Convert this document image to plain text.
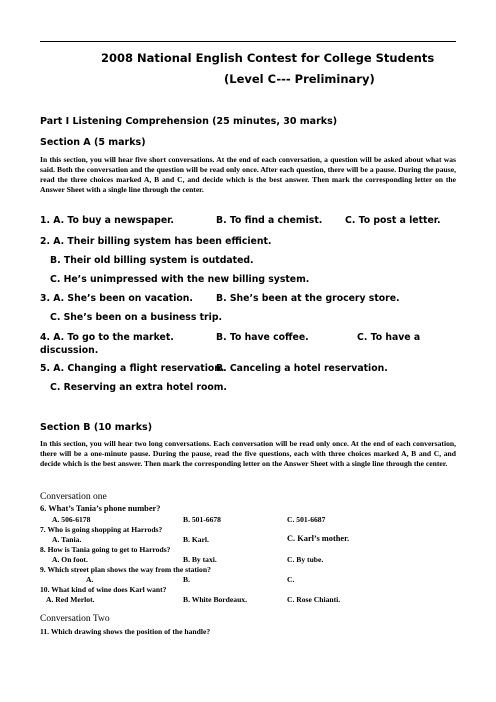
2008 National English Contest for College Students
(Level C--- Preliminary)
Part I Listening Comprehension (25 minutes, 30 marks)
Section A (5 marks)
In this section, you will hear five short conversations. At the end of each conversation, a question will be asked about what was said. Both the conversation and the question will be read only once. After each question, there will be a pause. During the pause, read the three choices marked A, B and C, and decide which is the best answer. Then mark the corresponding letter on the Answer Sheet with a single line through the center.
1. A. To buy a newspaper.	B. To find a chemist. C. To post a letter.
2. A. Their billing system has been efficient.
B. Their old billing system is outdated.
C. He’s unimpressed with the new billing system.
3. A. She’s been on vacation. B. She’s been at the grocery store.
C. She’s been on a business trip.
4. A. To go to the market.	B. To have coffee.	C. To have a
discussion.
5. A. Changing a flight reservation.
B. Canceling a hotel reservation.
C. Reserving an extra hotel room.
Section B (10 marks)
In this section, you will hear two long conversations. Each conversation will be read only once. At the end of each conversation, there will be a one-minute pause. During the pause, read the five questions, each with three choices marked A, B and C, and decide which is the best answer. Then mark the corresponding letter on the Answer Sheet with a single line through the center.
Conversation one
6. What’s Tania’s phone number?
A. 506-6178	B. 501-6678	C. 501-6687
7. Who is going shopping at Harrods?
A. Tania.	B. Karl.	C. Karl’s mother.
8. How is Tania going to get to Harrods?
A. On foot.	B. By taxi.	C. By tube.
9. Which street plan shows the way from the station?
A.	B.	C.
10. What kind of wine does Karl want?
A. Red Merlot.	B. White Bordeaux.	C. Rose Chianti.
Conversation Two
11. Which drawing shows the position of the handle?
